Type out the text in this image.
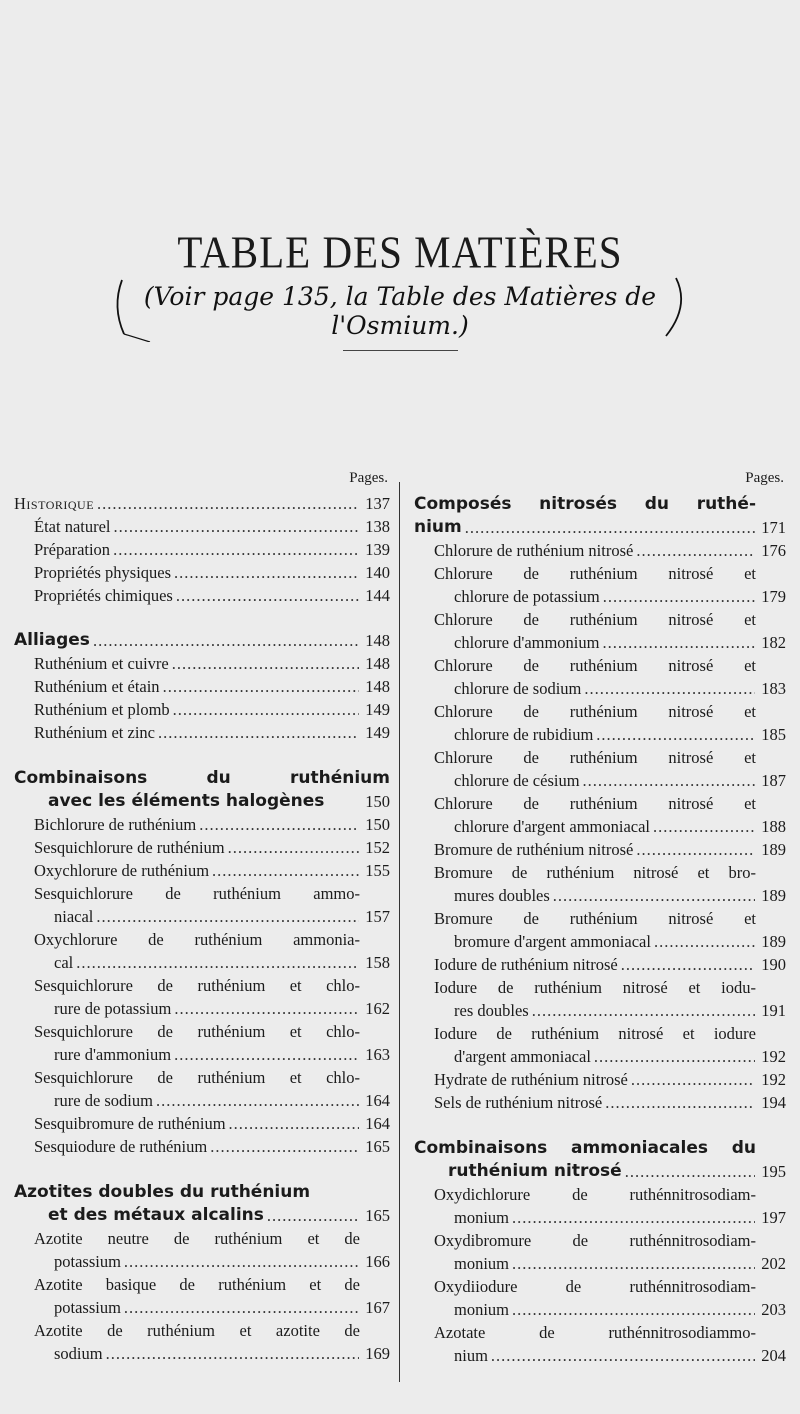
TABLE DES MATIÈRES
(Voir page 135, la Table des Matières de l'Osmium.)
Pages.
Historique .....	137
État naturel .....	138
Préparation .....	139
Propriétés physiques .....	140
Propriétés chimiques .....	144
Alliages .....	148
Ruthénium et cuivre .....	148
Ruthénium et étain .....	148
Ruthénium et plomb .....	149
Ruthénium et zinc .....	149
Combinaisons du ruthénium
avec les éléments halogènes 150
Bichlorure de ruthénium .....	150
Sesquichlorure de ruthénium .....	152
Oxychlorure de ruthénium .....	155
Sesquichlorure de ruthénium ammo-
niacal .....	157
Oxychlorure de ruthénium ammonia-
cal .....	158
Sesquichlorure de ruthénium et chlo-
rure de potassium .....	162
Sesquichlorure de ruthénium et chlo-
rure d'ammonium .....	163
Sesquichlorure de ruthénium et chlo-
rure de sodium .....	164
Sesquibromure de ruthénium .....	164
Sesquiodure de ruthénium .....	165
Azotites doubles du ruthénium
et des métaux alcalins .....	165
Azotite neutre de ruthénium et de
potassium .....	166
Azotite basique de ruthénium et de
potassium .....	167
Azotite de ruthénium et azotite de
sodium .....	169
Pages.
Composés nitrosés du ruthé-
nium .....	171
Chlorure de ruthénium nitrosé .....	176
Chlorure de ruthénium nitrosé et
chlorure de potassium .....	179
Chlorure de ruthénium nitrosé et
chlorure d'ammonium .....	182
Chlorure de ruthénium nitrosé et
chlorure de sodium .....	183
Chlorure de ruthénium nitrosé et
chlorure de rubidium .....	185
Chlorure de ruthénium nitrosé et
chlorure de césium .....	187
Chlorure de ruthénium nitrosé et
chlorure d'argent ammoniacal .....	188
Bromure de ruthénium nitrosé .....	189
Bromure de ruthénium nitrosé et bro-
mures doubles .....	189
Bromure de ruthénium nitrosé et
bromure d'argent ammoniacal .....	189
Iodure de ruthénium nitrosé .....	190
Iodure de ruthénium nitrosé et iodu-
res doubles .....	191
Iodure de ruthénium nitrosé et iodure
d'argent ammoniacal .....	192
Hydrate de ruthénium nitrosé .....	192
Sels de ruthénium nitrosé .....	194
Combinaisons ammoniacales du
ruthénium nitrosé .....	195
Oxydichlorure de ruthénnitrosodiam-
monium .....	197
Oxydibromure de ruthénnitrosodiam-
monium .....	202
Oxydiiodure de ruthénnitrosodiam-
monium .....	203
Azotate de ruthénnitrosodiammo-
nium .....	204
